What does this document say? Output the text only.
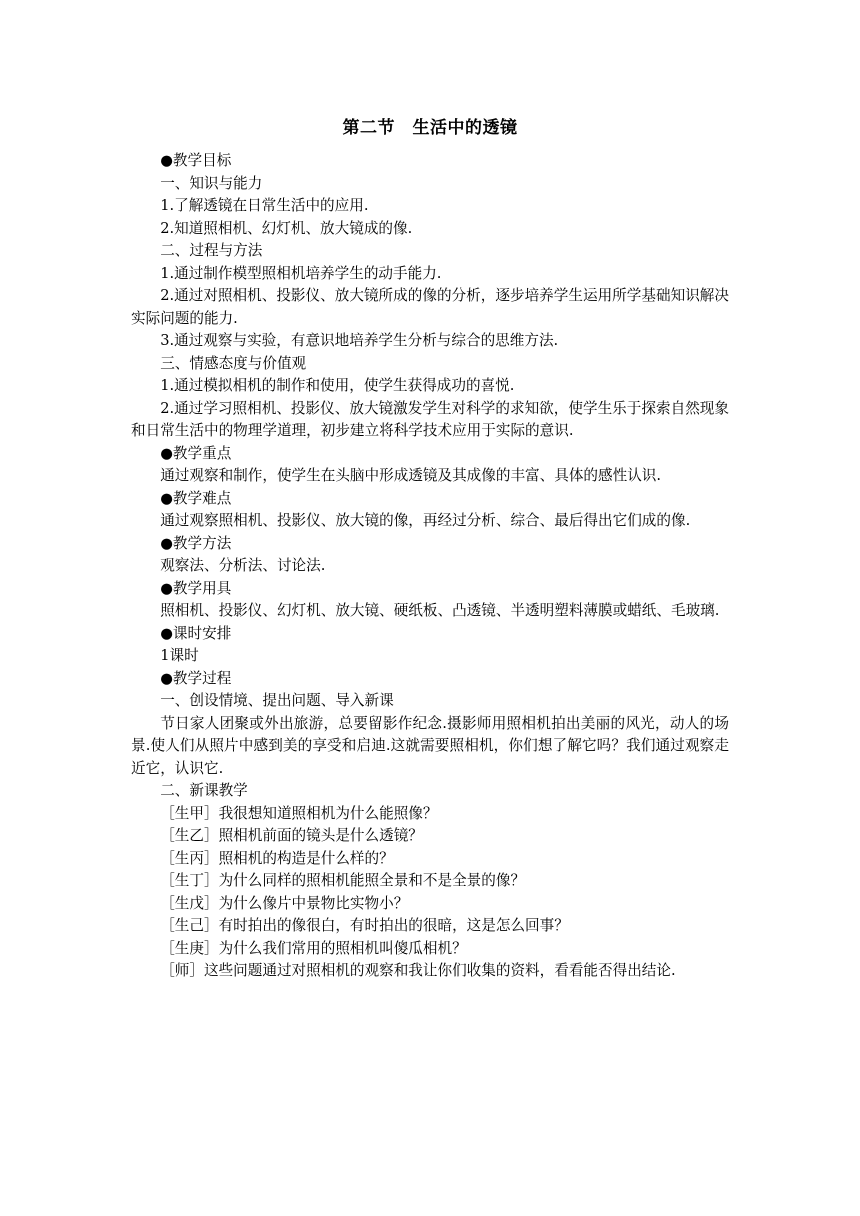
第二节　生活中的透镜

●教学目标

一、知识与能力

1.了解透镜在日常生活中的应用.

2.知道照相机、幻灯机、放大镜成的像.

二、过程与方法

1.通过制作模型照相机培养学生的动手能力.

2.通过对照相机、投影仪、放大镜所成的像的分析，逐步培养学生运用所学基础知识解决实际问题的能力.

3.通过观察与实验，有意识地培养学生分析与综合的思维方法.

三、情感态度与价值观

1.通过模拟相机的制作和使用，使学生获得成功的喜悦.

2.通过学习照相机、投影仪、放大镜激发学生对科学的求知欲，使学生乐于探索自然现象和日常生活中的物理学道理，初步建立将科学技术应用于实际的意识.

●教学重点

通过观察和制作，使学生在头脑中形成透镜及其成像的丰富、具体的感性认识.

●教学难点

通过观察照相机、投影仪、放大镜的像，再经过分析、综合、最后得出它们成的像.

●教学方法

观察法、分析法、讨论法.

●教学用具

照相机、投影仪、幻灯机、放大镜、硬纸板、凸透镜、半透明塑料薄膜或蜡纸、毛玻璃.

●课时安排

1课时

●教学过程

一、创设情境、提出问题、导入新课

节日家人团聚或外出旅游，总要留影作纪念.摄影师用照相机拍出美丽的风光，动人的场景.使人们从照片中感到美的享受和启迪.这就需要照相机，你们想了解它吗？我们通过观察走近它，认识它.

二、新课教学

［生甲］我很想知道照相机为什么能照像？

［生乙］照相机前面的镜头是什么透镜？

［生丙］照相机的构造是什么样的？

［生丁］为什么同样的照相机能照全景和不是全景的像？

［生戊］为什么像片中景物比实物小？

［生己］有时拍出的像很白，有时拍出的很暗，这是怎么回事？

［生庚］为什么我们常用的照相机叫傻瓜相机？

［师］这些问题通过对照相机的观察和我让你们收集的资料，看看能否得出结论.
